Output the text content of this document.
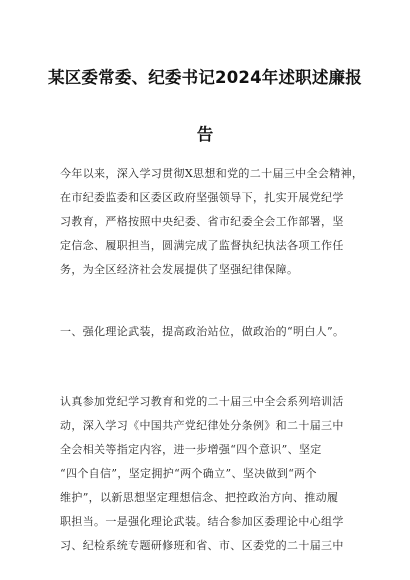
某区委常委、纪委书记2024年述职述廉报
告
今年以来，深入学习贯彻X思想和党的二十届三中全会精神，
在市纪委监委和区委区政府坚强领导下，扎实开展党纪学
习教育，严格按照中央纪委、省市纪委全会工作部署，坚
定信念、履职担当，圆满完成了监督执纪执法各项工作任
务，为全区经济社会发展提供了坚强纪律保障。
一、强化理论武装，提高政治站位，做政治的“明白人”。
认真参加党纪学习教育和党的二十届三中全会系列培训活
动，深入学习《中国共产党纪律处分条例》和二十届三中
全会相关等指定内容，进一步增强“四个意识”、坚定
“四个自信”，坚定拥护“两个确立”、坚决做到“两个
维护”，以新思想坚定理想信念、把控政治方向、推动履
职担当。一是强化理论武装。结合参加区委理论中心组学
习、纪检系统专题研修班和省、市、区委党的二十届三中
